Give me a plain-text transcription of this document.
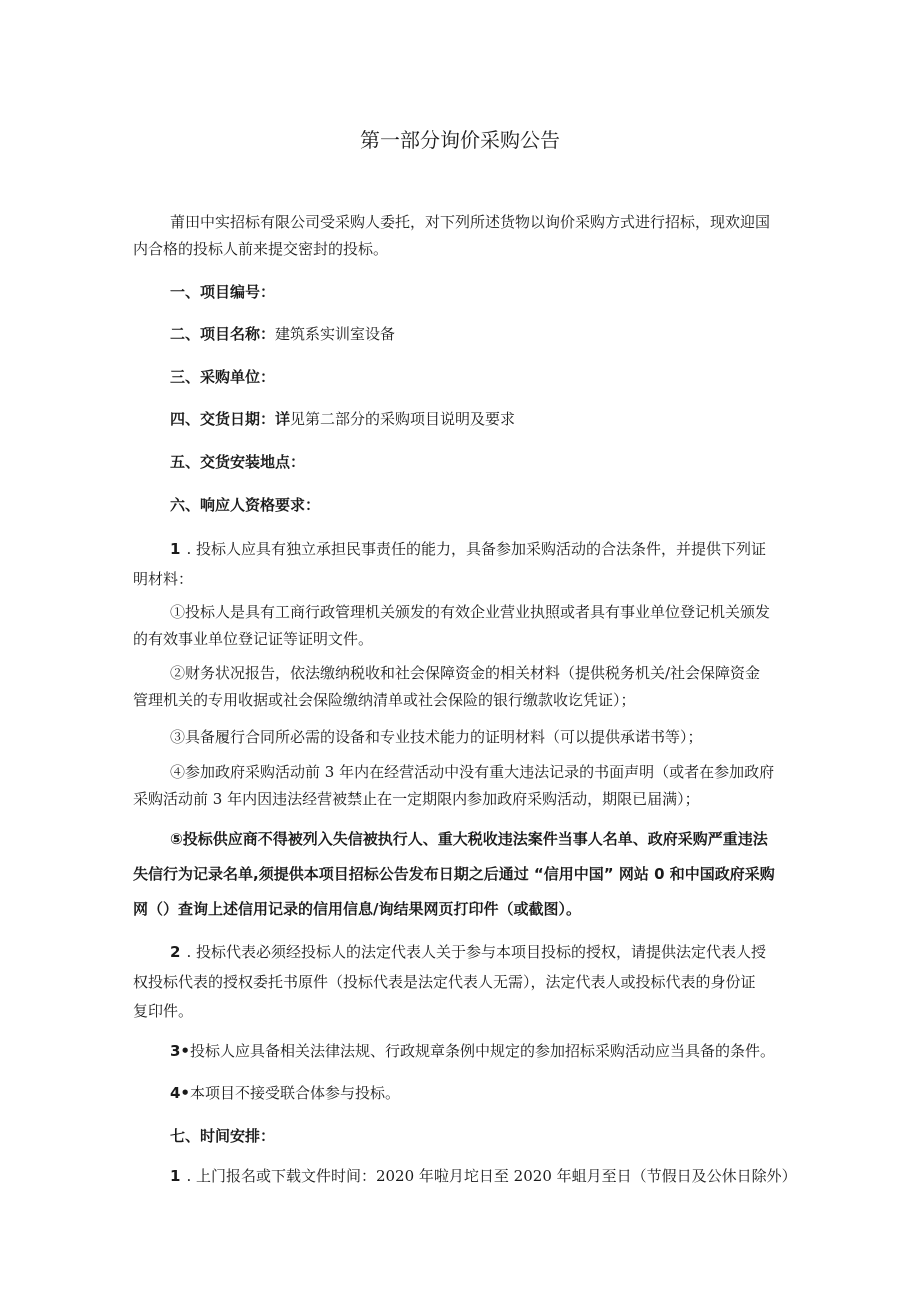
第一部分询价采购公告
莆田中实招标有限公司受采购人委托，对下列所述货物以询价采购方式进行招标，现欢迎国
内合格的投标人前来提交密封的投标。
一、项目编号：
二、项目名称：建筑系实训室设备
三、采购单位：
四、交货日期：详见第二部分的采购项目说明及要求
五、交货安装地点：
六、响应人资格要求：
1 . 投标人应具有独立承担民事责任的能力，具备参加采购活动的合法条件，并提供下列证
明材料：
①投标人是具有工商行政管理机关颁发的有效企业营业执照或者具有事业单位登记机关颁发
的有效事业单位登记证等证明文件。
②财务状况报告，依法缴纳税收和社会保障资金的相关材料（提供税务机关/社会保障资金
管理机关的专用收据或社会保险缴纳清单或社会保险的银行缴款收讫凭证）；
③具备履行合同所必需的设备和专业技术能力的证明材料（可以提供承诺书等）；
④参加政府采购活动前 3 年内在经营活动中没有重大违法记录的书面声明（或者在参加政府
采购活动前 3 年内因违法经营被禁止在一定期限内参加政府采购活动，期限已届满）；
⑤投标供应商不得被列入失信被执行人、重大税收违法案件当事人名单、政府采购严重违法
失信行为记录名单,须提供本项目招标公告发布日期之后通过 “信用中国” 网站 0 和中国政府采购
网（）查询上述信用记录的信用信息/询结果网页打印件（或截图）。
2 . 投标代表必须经投标人的法定代表人关于参与本项目投标的授权，请提供法定代表人授
权投标代表的授权委托书原件（投标代表是法定代表人无需），法定代表人或投标代表的身份证
复印件。
3•投标人应具备相关法律法规、行政规章条例中规定的参加招标采购活动应当具备的条件。
4•本项目不接受联合体参与投标。
七、时间安排：
1 . 上门报名或下载文件时间：2020 年啦月坨日至 2020 年蛆月至日（节假日及公休日除外）
